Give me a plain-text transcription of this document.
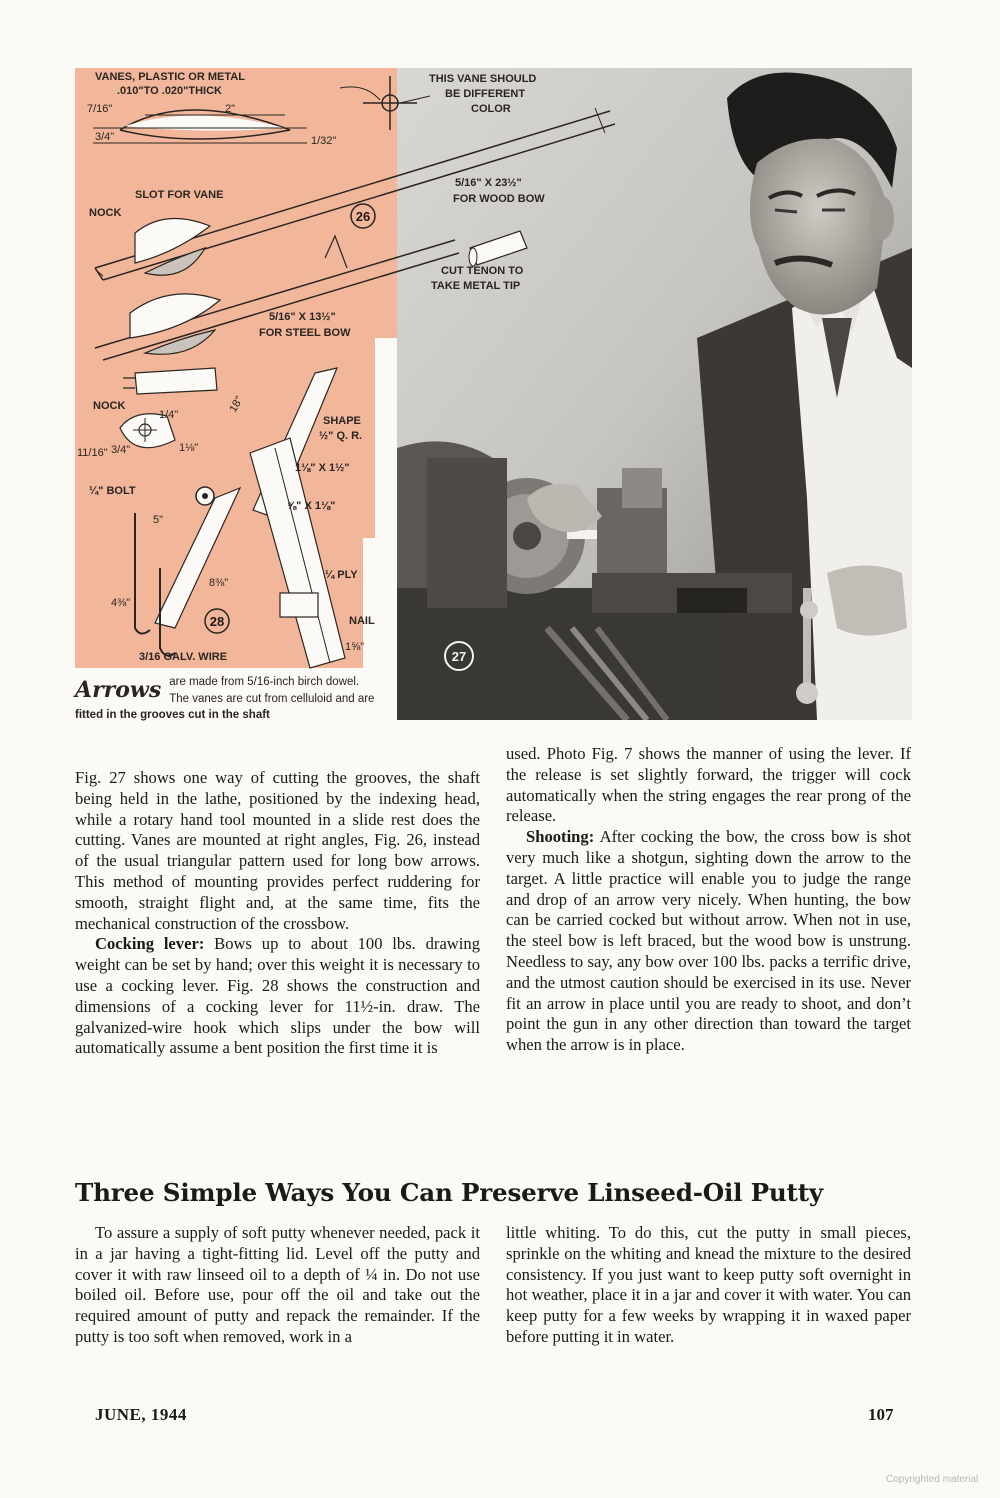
27
26
28
VANES, PLASTIC OR METAL
.010"TO .020"THICK
THIS VANE SHOULD
BE DIFFERENT
COLOR
7/16"
3/4"
2"
1/32"
SLOT FOR VANE
NOCK
5/16" X 23½"
FOR WOOD BOW
CUT TENON TO
TAKE METAL TIP
5/16" X 13½"
FOR STEEL BOW
NOCK
1/4"
18"
SHAPE
½" Q. R.
11/16" 3/4"	1⅛"
1⅛" X 1½"
¼" BOLT
⅝" X 1⅛"
5"
¼ PLY
8⅜"
4⅜"
NAIL
3/16 GALV. WIRE
1⅝"
Arrows are made from 5/16-inch birch dowel. The vanes are cut from celluloid and are
fitted in the grooves cut in the shaft

Fig. 27 shows one way of cutting the grooves, the shaft being held in the lathe, positioned by the indexing head, while a rotary hand tool mounted in a slide rest does the cutting. Vanes are mounted at right angles, Fig. 26, instead of the usual triangular pattern used for long bow arrows. This method of mounting provides perfect ruddering for smooth, straight flight and, at the same time, fits the mechanical construction of the crossbow.

Cocking lever: Bows up to about 100 lbs. drawing weight can be set by hand; over this weight it is necessary to use a cocking lever. Fig. 28 shows the construction and dimensions of a cocking lever for 11½-in. draw. The galvanized-wire hook which slips under the bow will automatically assume a bent position the first time it is

used. Photo Fig. 7 shows the manner of using the lever. If the release is set slightly forward, the trigger will cock automatically when the string engages the rear prong of the release.

Shooting: After cocking the bow, the cross bow is shot very much like a shotgun, sighting down the arrow to the target. A little practice will enable you to judge the range and drop of an arrow very nicely. When hunting, the bow can be carried cocked but without arrow. When not in use, the steel bow is left braced, but the wood bow is unstrung. Needless to say, any bow over 100 lbs. packs a terrific drive, and the utmost caution should be exercised in its use. Never fit an arrow in place until you are ready to shoot, and don’t point the gun in any other direction than toward the target when the arrow is in place.

Three Simple Ways You Can Preserve Linseed-Oil Putty

To assure a supply of soft putty whenever needed, pack it in a jar having a tight-fitting lid. Level off the putty and cover it with raw linseed oil to a depth of ¼ in. Do not use boiled oil. Before use, pour off the oil and take out the required amount of putty and repack the remainder. If the putty is too soft when removed, work in a

little whiting. To do this, cut the putty in small pieces, sprinkle on the whiting and knead the mixture to the desired consistency. If you just want to keep putty soft overnight in hot weather, place it in a jar and cover it with water. You can keep putty for a few weeks by wrapping it in waxed paper before putting it in water.

JUNE, 1944	107
Copyrighted material
